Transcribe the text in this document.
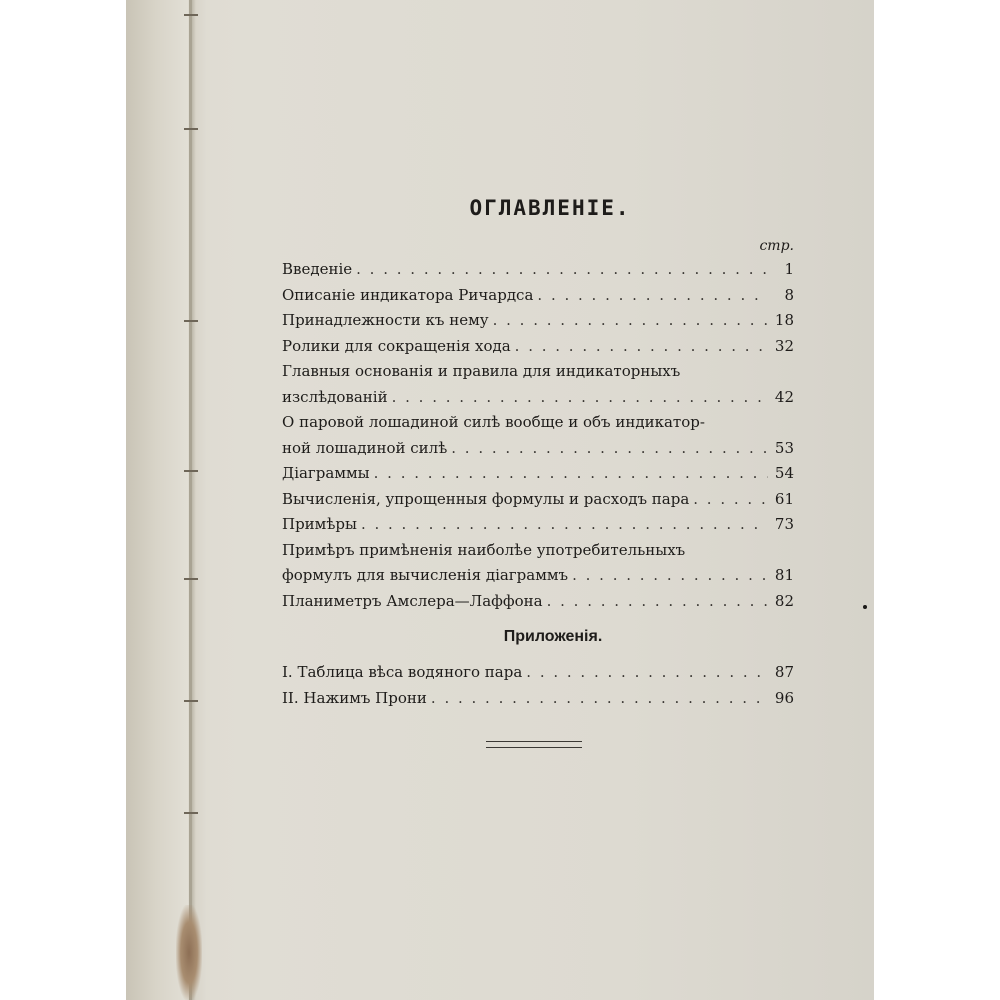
ОГЛАВЛЕНІЕ.
стр.
Введеніе . . .	1
Описаніе индикатора Ричардса . . .	8
Принадлежности къ нему . . .	18
Ролики для сокращенія хода . . .	32
Главныя основанія и правила для индикаторныхъ
изслѣдованій . . .	42
О паровой лошадиной силѣ вообще и объ индикатор-
ной лошадиной силѣ . . .	53
Діаграммы . . .	54
Вычисленія, упрощенныя формулы и расходъ пара . . .	61
Примѣры . . .	73
Примѣръ примѣненія наиболѣе употребительныхъ
формулъ для вычисленія діаграммъ . . .	81
Планиметръ Амслера—Лаффона . . .	82
Приложенія.
I. Таблица вѣса водяного пара . . .	87
II. Нажимъ Прони . . .	96
